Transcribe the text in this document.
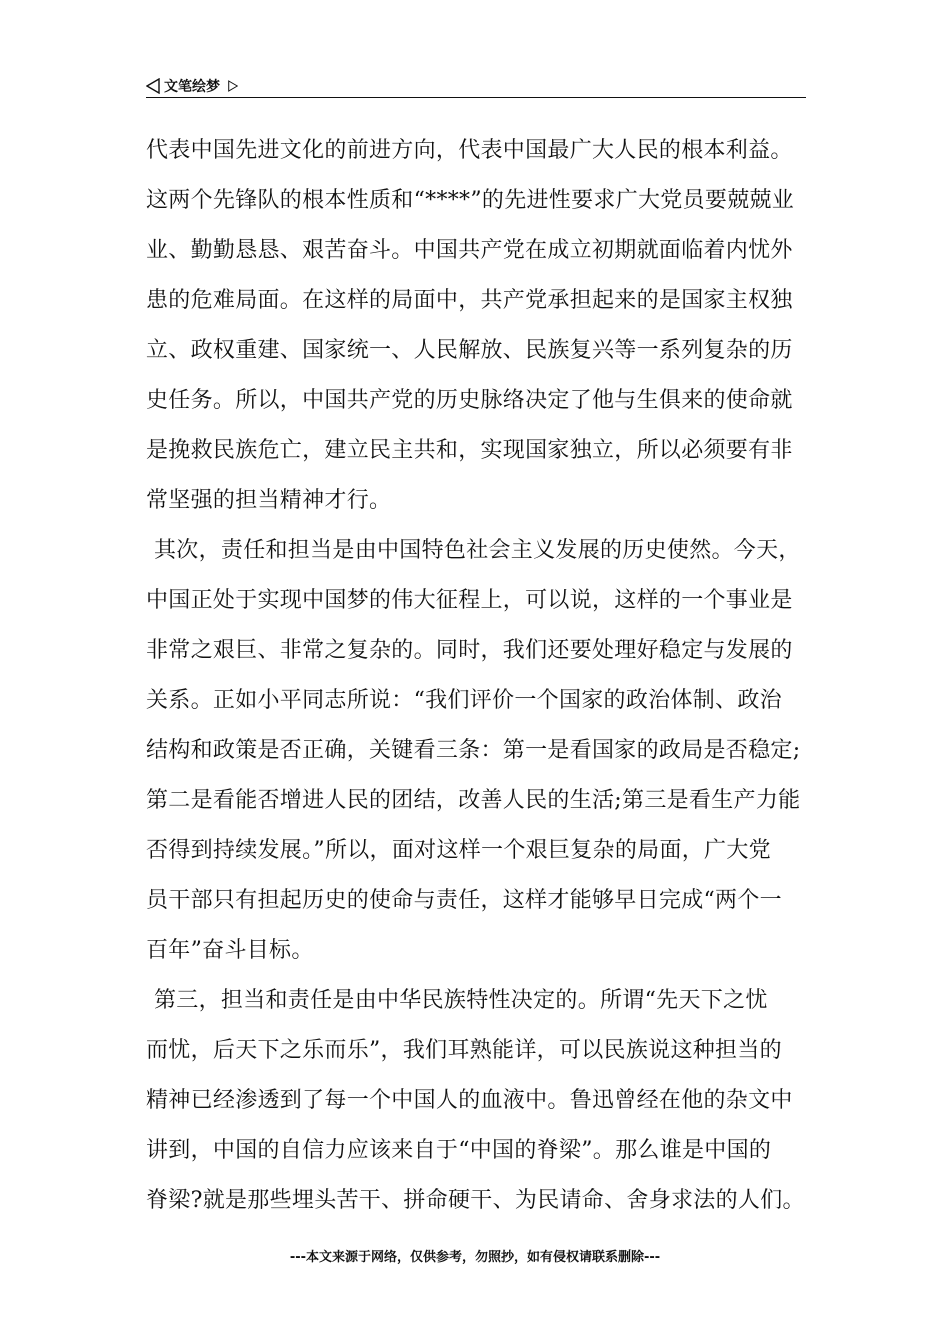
文笔绘梦
代表中国先进文化的前进方向，代表中国最广大人民的根本利益。
这两个先锋队的根本性质和“****”的先进性要求广大党员要兢兢业
业、勤勤恳恳、艰苦奋斗。中国共产党在成立初期就面临着内忧外
患的危难局面。在这样的局面中，共产党承担起来的是国家主权独
立、政权重建、国家统一、人民解放、民族复兴等一系列复杂的历
史任务。所以，中国共产党的历史脉络决定了他与生俱来的使命就
是挽救民族危亡，建立民主共和，实现国家独立，所以必须要有非
常坚强的担当精神才行。
其次，责任和担当是由中国特色社会主义发展的历史使然。今天，
中国正处于实现中国梦的伟大征程上，可以说，这样的一个事业是
非常之艰巨、非常之复杂的。同时，我们还要处理好稳定与发展的
关系。正如小平同志所说：“我们评价一个国家的政治体制、政治
结构和政策是否正确，关键看三条：第一是看国家的政局是否稳定;
第二是看能否增进人民的团结，改善人民的生活;第三是看生产力能
否得到持续发展。”所以，面对这样一个艰巨复杂的局面，广大党
员干部只有担起历史的使命与责任，这样才能够早日完成“两个一
百年”奋斗目标。
第三，担当和责任是由中华民族特性决定的。所谓“先天下之忧
而忧，后天下之乐而乐”，我们耳熟能详，可以民族说这种担当的
精神已经渗透到了每一个中国人的血液中。鲁迅曾经在他的杂文中
讲到，中国的自信力应该来自于“中国的脊梁”。那么谁是中国的
脊梁?就是那些埋头苦干、拼命硬干、为民请命、舍身求法的人们。
---本文来源于网络，仅供参考，勿照抄，如有侵权请联系删除---
